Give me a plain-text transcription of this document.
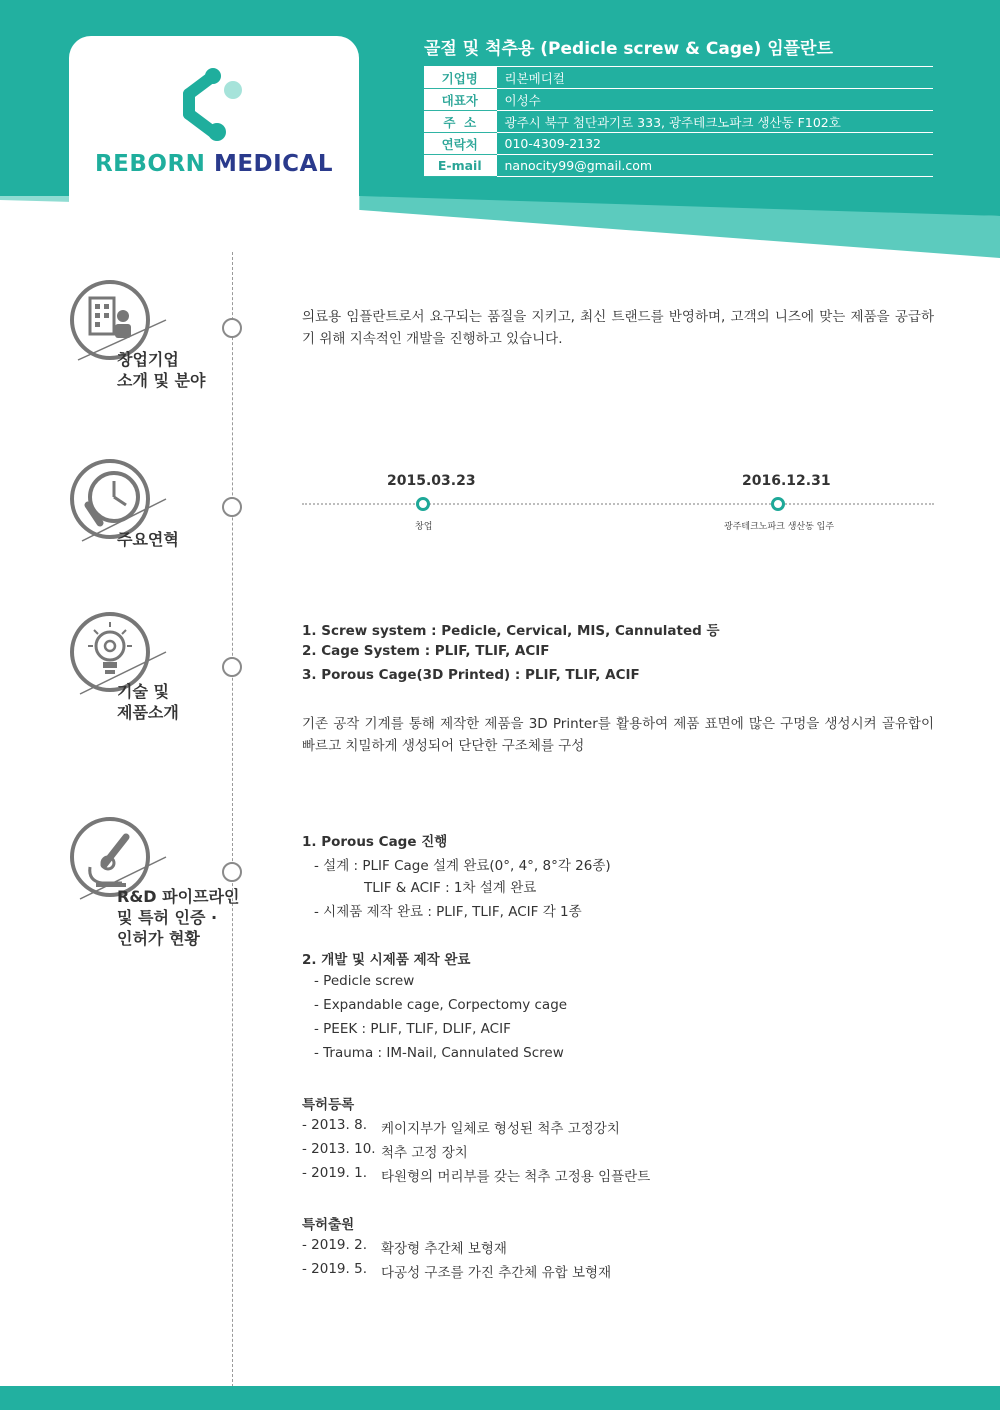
REBORN MEDICAL
골절 및 척추용 (Pedicle screw & Cage) 임플란트
기업명	리본메디컬
대표자	이성수
주  소	광주시 북구 첨단과기로 333, 광주테크노파크 생산동 F102호
연락처	010-4309-2132
E-mail	nanocity99@gmail.com
창업기업
소개 및 분야
의료용 임플란트로서 요구되는 품질을 지키고, 최신 트랜드를 반영하며, 고객의 니즈에 맞는 제품을 공급하기 위해 지속적인 개발을 진행하고 있습니다.
주요연혁
2015.03.23
창업
2016.12.31
광주테크노파크 생산동 입주
기술 및
제품소개
1. Screw system : Pedicle, Cervical, MIS, Cannulated 등
2. Cage System : PLIF, TLIF, ACIF
3. Porous Cage(3D Printed) : PLIF, TLIF, ACIF
기존 공작 기계를 통해 제작한 제품을 3D Printer를 활용하여 제품 표면에 많은 구멍을 생성시켜 골유합이 빠르고 치밀하게 생성되어 단단한 구조체를 구성
R&D 파이프라인
및 특허 인증 ·
인허가 현황
1. Porous Cage 진행
- 설계 : PLIF Cage 설계 완료(0°, 4°, 8°각 26종)
TLIF & ACIF : 1차 설계 완료
- 시제품 제작 완료 : PLIF, TLIF, ACIF 각 1종
2. 개발 및 시제품 제작 완료
- Pedicle screw
- Expandable cage, Corpectomy cage
- PEEK : PLIF, TLIF, DLIF, ACIF
- Trauma : IM-Nail, Cannulated Screw
특허등록
- 2013. 8. 케이지부가 일체로 형성된 척추 고정강치
- 2013. 10. 척추 고정 장치
- 2019. 1. 타원형의 머리부를 갖는 척추 고정용 임플란트
특허출원
- 2019. 2. 확장형 추간체 보형재
- 2019. 5. 다공성 구조를 가진 추간체 유합 보형재
